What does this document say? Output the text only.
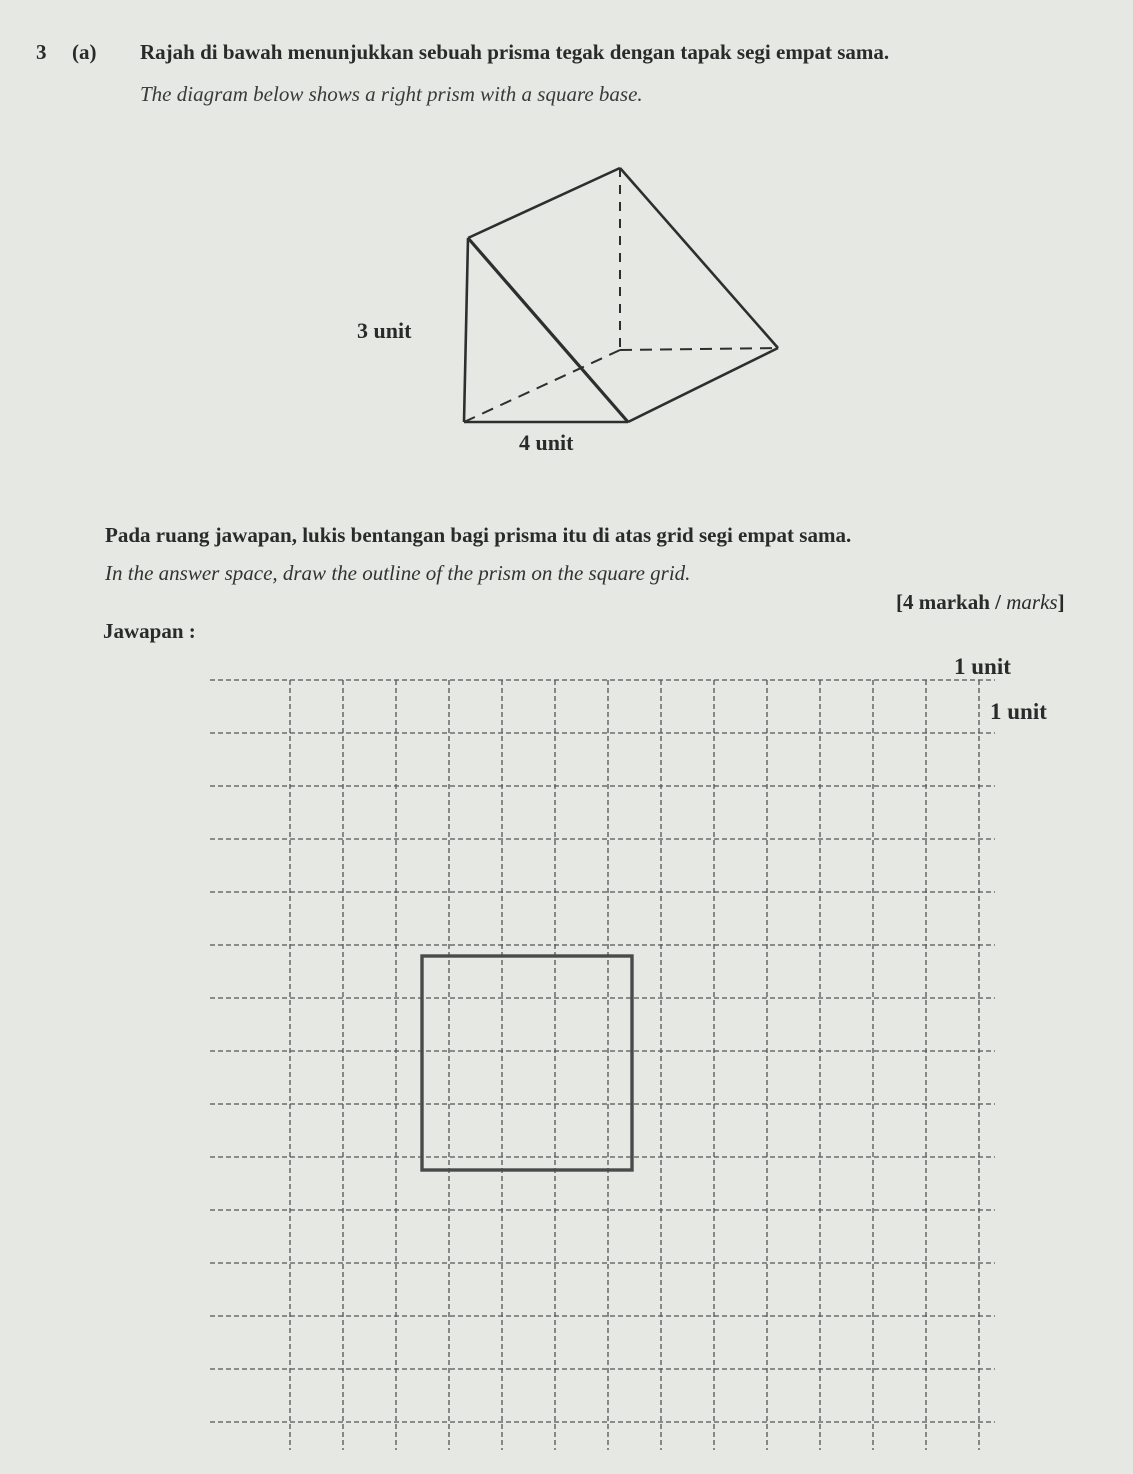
3 (a) Rajah di bawah menunjukkan sebuah prisma tegak dengan tapak segi empat sama.
The diagram below shows a right prism with a square base.
3 unit
4 unit
Pada ruang jawapan, lukis bentangan bagi prisma itu di atas grid segi empat sama.
In the answer space, draw the outline of the prism on the square grid.
[4 markah / marks]
Jawapan :
1 unit
1 unit
